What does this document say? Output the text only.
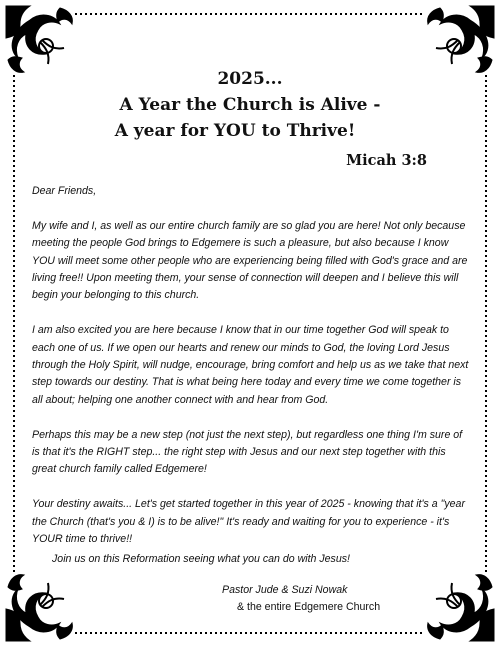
2025...
A Year the Church is Alive -
A year for YOU to Thrive!
Micah 3:8

Dear Friends,

My wife and I, as well as our entire church family are so glad you are here! Not only because meeting the people God brings to Edgemere is such a pleasure, but also because I know YOU will meet some other people who are experiencing being filled with God's grace and are living free!! Upon meeting them, your sense of connection will deepen and I believe this will begin your belonging to this church.

I am also excited you are here because I know that in our time together God will speak to each one of us. If we open our hearts and renew our minds to God, the loving Lord Jesus through the Holy Spirit, will nudge, encourage, bring comfort and help us as we take that next step towards our destiny. That is what being here today and every time we come together is all about; helping one another connect with and hear from God.

Perhaps this may be a new step (not just the next step), but regardless one thing I'm sure of is that it's the RIGHT step... the right step with Jesus and our next step together with this great church family called Edgemere!

Your destiny awaits... Let's get started together in this year of 2025 - knowing that it's a "year the Church (that's you & I) is to be alive!" It's ready and waiting for you to experience - it's YOUR time to thrive!!

Join us on this Reformation seeing what you can do with Jesus!
Pastor Jude & Suzi Nowak
& the entire Edgemere Church
